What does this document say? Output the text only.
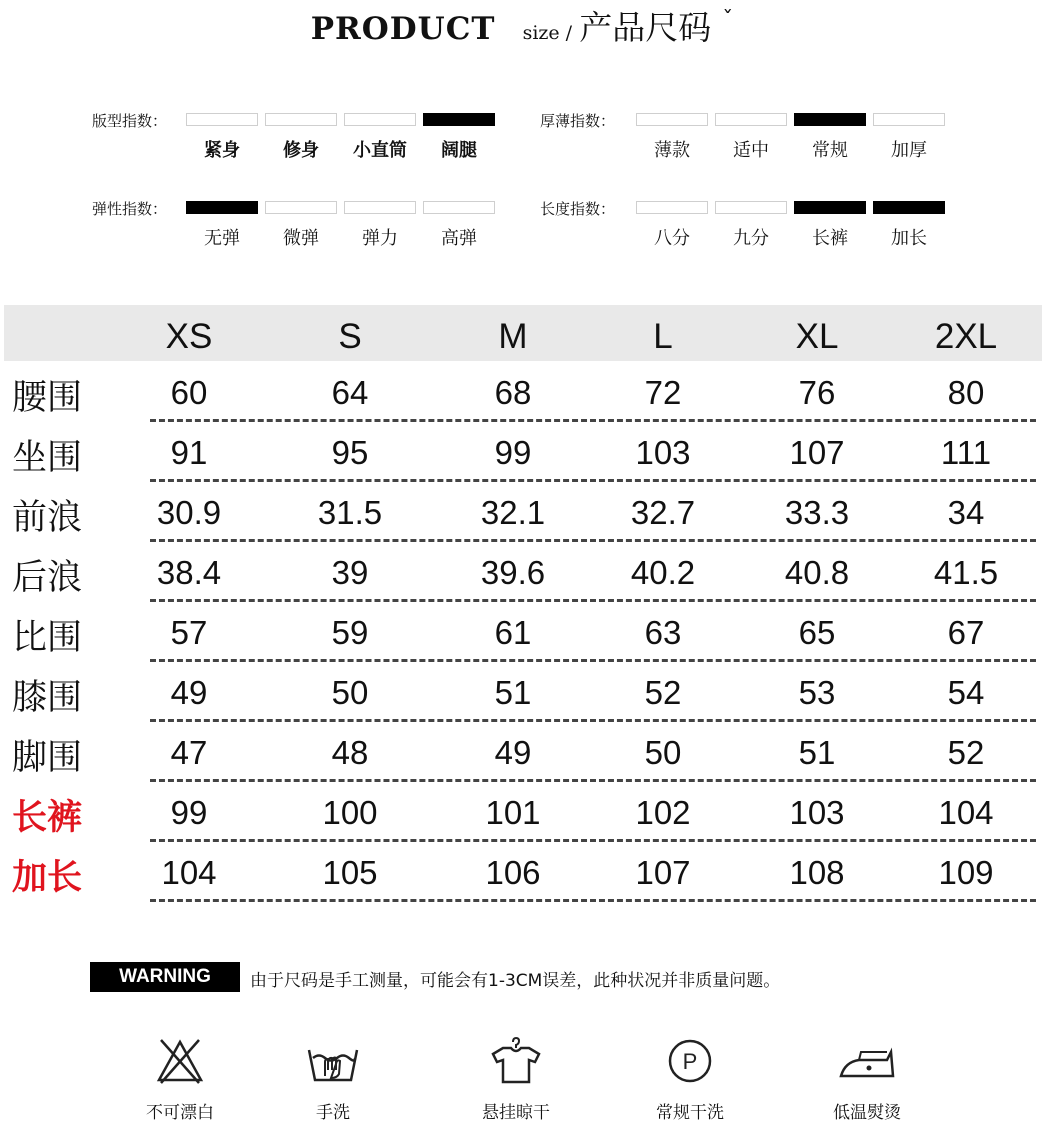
PRODUCT size / 产品尺码 ˇ
版型指数：
紧身	修身	小直筒	阔腿
厚薄指数：
薄款	适中	常规	加厚
弹性指数：
无弹	微弹	弹力	高弹
长度指数：
八分	九分	长裤	加长
XS	S	M	L	XL	2XL
腰围	60	64	68	72	76	80
坐围	91	95	99	103	107	111
前浪	30.9	31.5	32.1	32.7	33.3	34
后浪	38.4	39	39.6	40.2	40.8	41.5
比围	57	59	61	63	65	67
膝围	49	50	51	52	53	54
脚围	47	48	49	50	51	52
长裤	99	100	101	102	103	104
加长	104	105	106	107	108	109
WARNING	由于尺码是手工测量，可能会有1-3CM误差，此种状况并非质量问题。
不可漂白	手洗	悬挂晾干
P
常规干洗	低温熨烫
